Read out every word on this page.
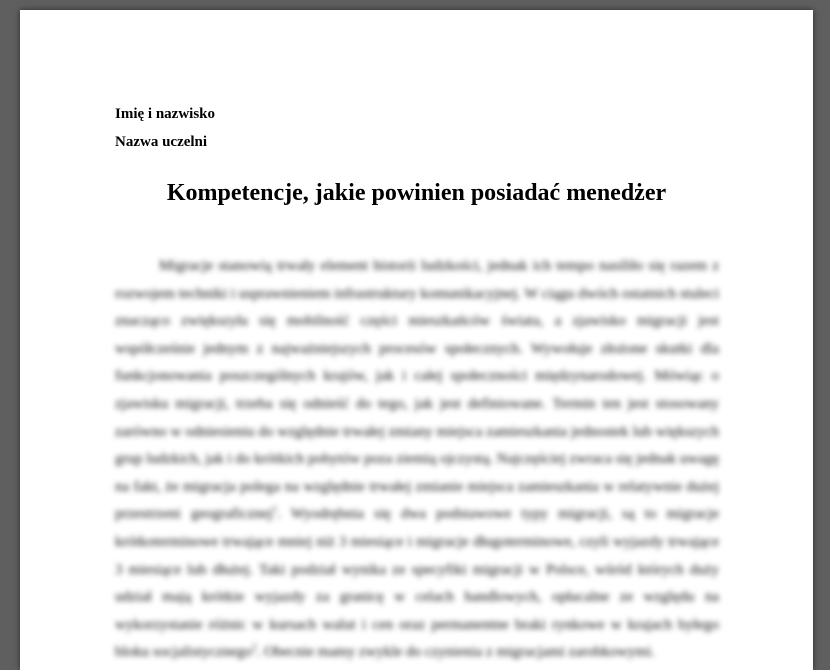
Imię i nazwisko
Nazwa uczelni
Kompetencje, jakie powinien posiadać menedżer

Migracje stanowią trwały element historii ludzkości, jednak ich tempo nasiliło się razem z rozwojem techniki i usprawnieniem infrastruktury komunikacyjnej. W ciągu dwóch ostatnich stuleci znacząco zwiększyła się mobilność części mieszkańców świata, a zjawisko migracji jest współcześnie jednym z najważniejszych procesów społecznych. Wywołuje złożone skutki dla funkcjonowania poszczególnych krajów, jak i całej społeczności międzynarodowej. Mówiąc o zjawisku migracji, trzeba się odnieść do tego, jak jest definiowane. Termin ten jest stosowany zarówno w odniesieniu do względnie trwałej zmiany miejsca zamieszkania jednostek lub większych grup ludzkich, jak i do krótkich pobytów poza ziemią ojczystą. Najczęściej zwraca się jednak uwagę na fakt, że migracja polega na względnie trwałej zmianie miejsca zamieszkania w relatywnie dużej przestrzeni geograficznej$^1$. Wyodrębnia się dwa podstawowe typy migracji, są to migracje krótkoterminowe trwające mniej niż 3 miesiące i migracje długoterminowe, czyli wyjazdy trwające 3 miesiące lub dłużej. Taki podział wynika ze specyfiki migracji w Polsce, wśród których duży udział mają krótkie wyjazdy za granicę w celach handlowych, opłacalne ze względu na wykorzystanie różnic w kursach walut i cen oraz permanentne braki rynkowe w krajach byłego bloku socjalistycznego$^2$. Obecnie mamy zwykle do czynienia z migracjami zarobkowymi.
